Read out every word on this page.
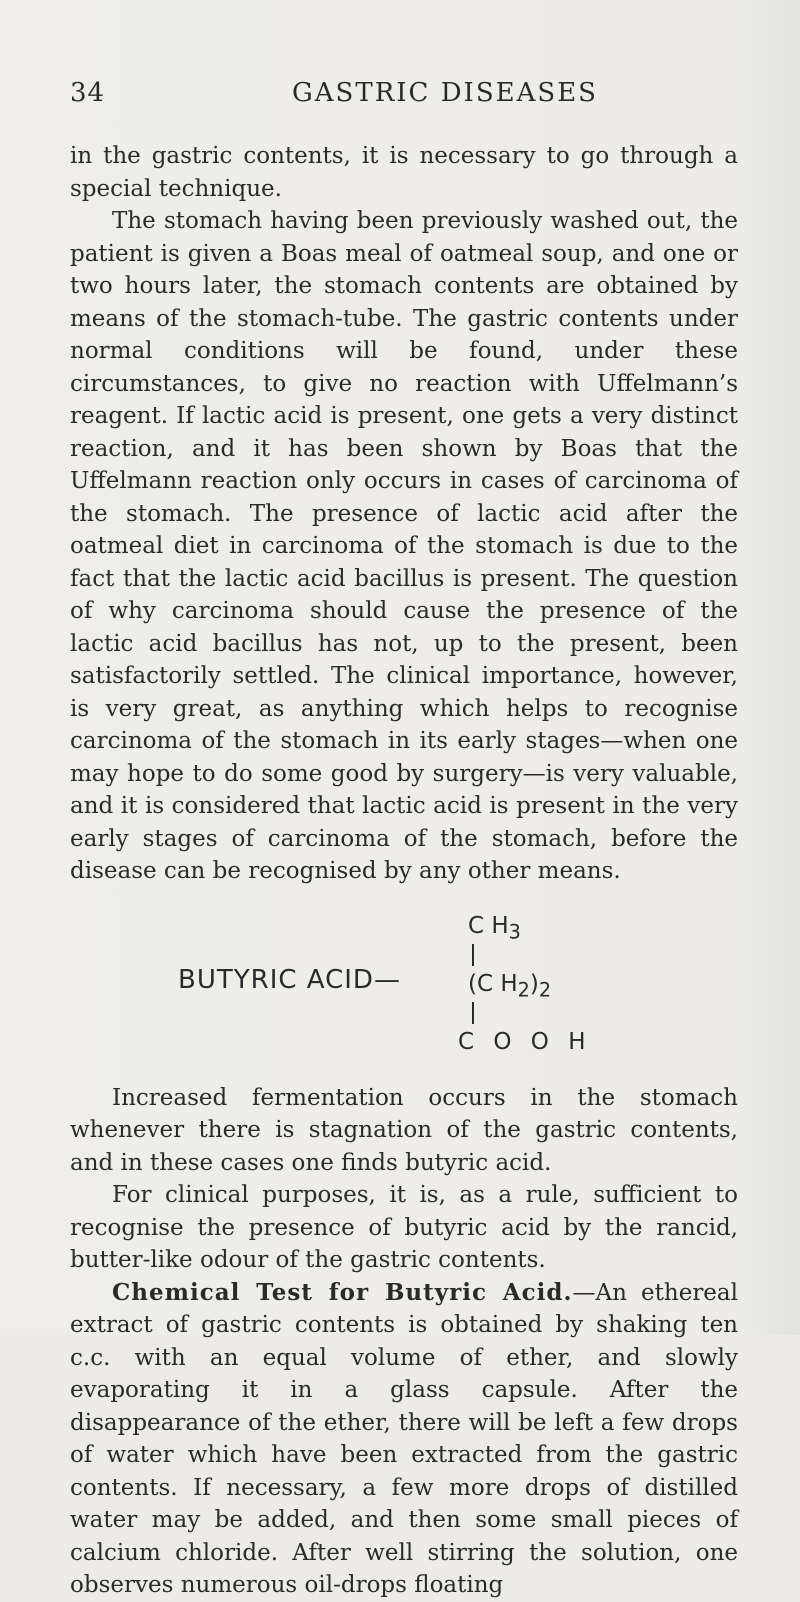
34	GASTRIC DISEASES

in the gastric contents, it is necessary to go through a special technique.

The stomach having been previously washed out, the patient is given a Boas meal of oatmeal soup, and one or two hours later, the stomach contents are obtained by means of the stomach-tube. The gastric contents under normal conditions will be found, under these circumstances, to give no reaction with Uffelmann’s reagent. If lactic acid is present, one gets a very distinct reaction, and it has been shown by Boas that the Uffelmann reaction only occurs in cases of carcinoma of the stomach. The presence of lactic acid after the oatmeal diet in carcinoma of the stomach is due to the fact that the lactic acid bacillus is present. The question of why carcinoma should cause the presence of the lactic acid bacillus has not, up to the present, been satisfactorily settled. The clinical importance, however, is very great, as anything which helps to recognise carcinoma of the stomach in its early stages—when one may hope to do some good by surgery—is very valuable, and it is considered that lactic acid is present in the very early stages of carcinoma of the stomach, before the disease can be recognised by any other means.

BUTYRIC ACID—
C $H_3$
(C $H_2)_2$
C O O H

Increased fermentation occurs in the stomach whenever there is stagnation of the gastric contents, and in these cases one finds butyric acid.

For clinical purposes, it is, as a rule, sufficient to recognise the presence of butyric acid by the rancid, butter-like odour of the gastric contents.

Chemical Test for Butyric Acid.—An ethereal extract of gastric contents is obtained by shaking ten c.c. with an equal volume of ether, and slowly evaporating it in a glass capsule. After the disappearance of the ether, there will be left a few drops of water which have been extracted from the gastric contents. If necessary, a few more drops of distilled water may be added, and then some small pieces of calcium chloride. After well stirring the solution, one observes numerous oil-drops floating
